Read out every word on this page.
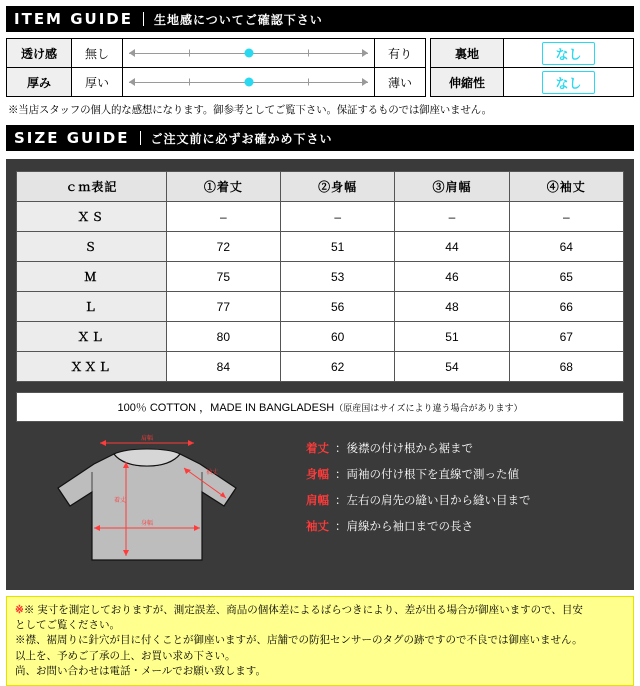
ITEM GUIDE 生地感についてご確認下さい
透け感	無し		有り
厚み	厚い		薄い
裏地	なし
伸縮性	なし
※当店スタッフの個人的な感想になります。御参考としてご覧下さい。保証するものでは御座いません。
SIZE GUIDE ご注文前に必ずお確かめ下さい
ｃｍ表記	①着丈	②身幅	③肩幅	④袖丈
ＸＳ	–	–	–	–
Ｓ	72	51	44	64
Ｍ	75	53	46	65
Ｌ	77	56	48	66
ＸＬ	80	60	51	67
ＸＸＬ	84	62	54	68
100％ COTTON ，MADE IN BANGLADESH（原産国はサイズにより違う場合があります）
肩幅
着丈
身幅
袖丈
着丈 ：後襟の付け根から裾まで
身幅 ：両袖の付け根下を直線で測った値
肩幅 ：左右の肩先の縫い目から縫い目まで
袖丈 ：肩線から袖口までの長さ
※※ 実寸を測定しておりますが、測定誤差、商品の個体差によるばらつきにより、差が出る場合が御座いますので、目安
としてご覧ください。
※襟、裾周りに針穴が目に付くことが御座いますが、店舗での防犯センサーのタグの跡ですので不良では御座いません。
以上を、予めご了承の上、お買い求め下さい。
尚、お問い合わせは電話・メールでお願い致します。
